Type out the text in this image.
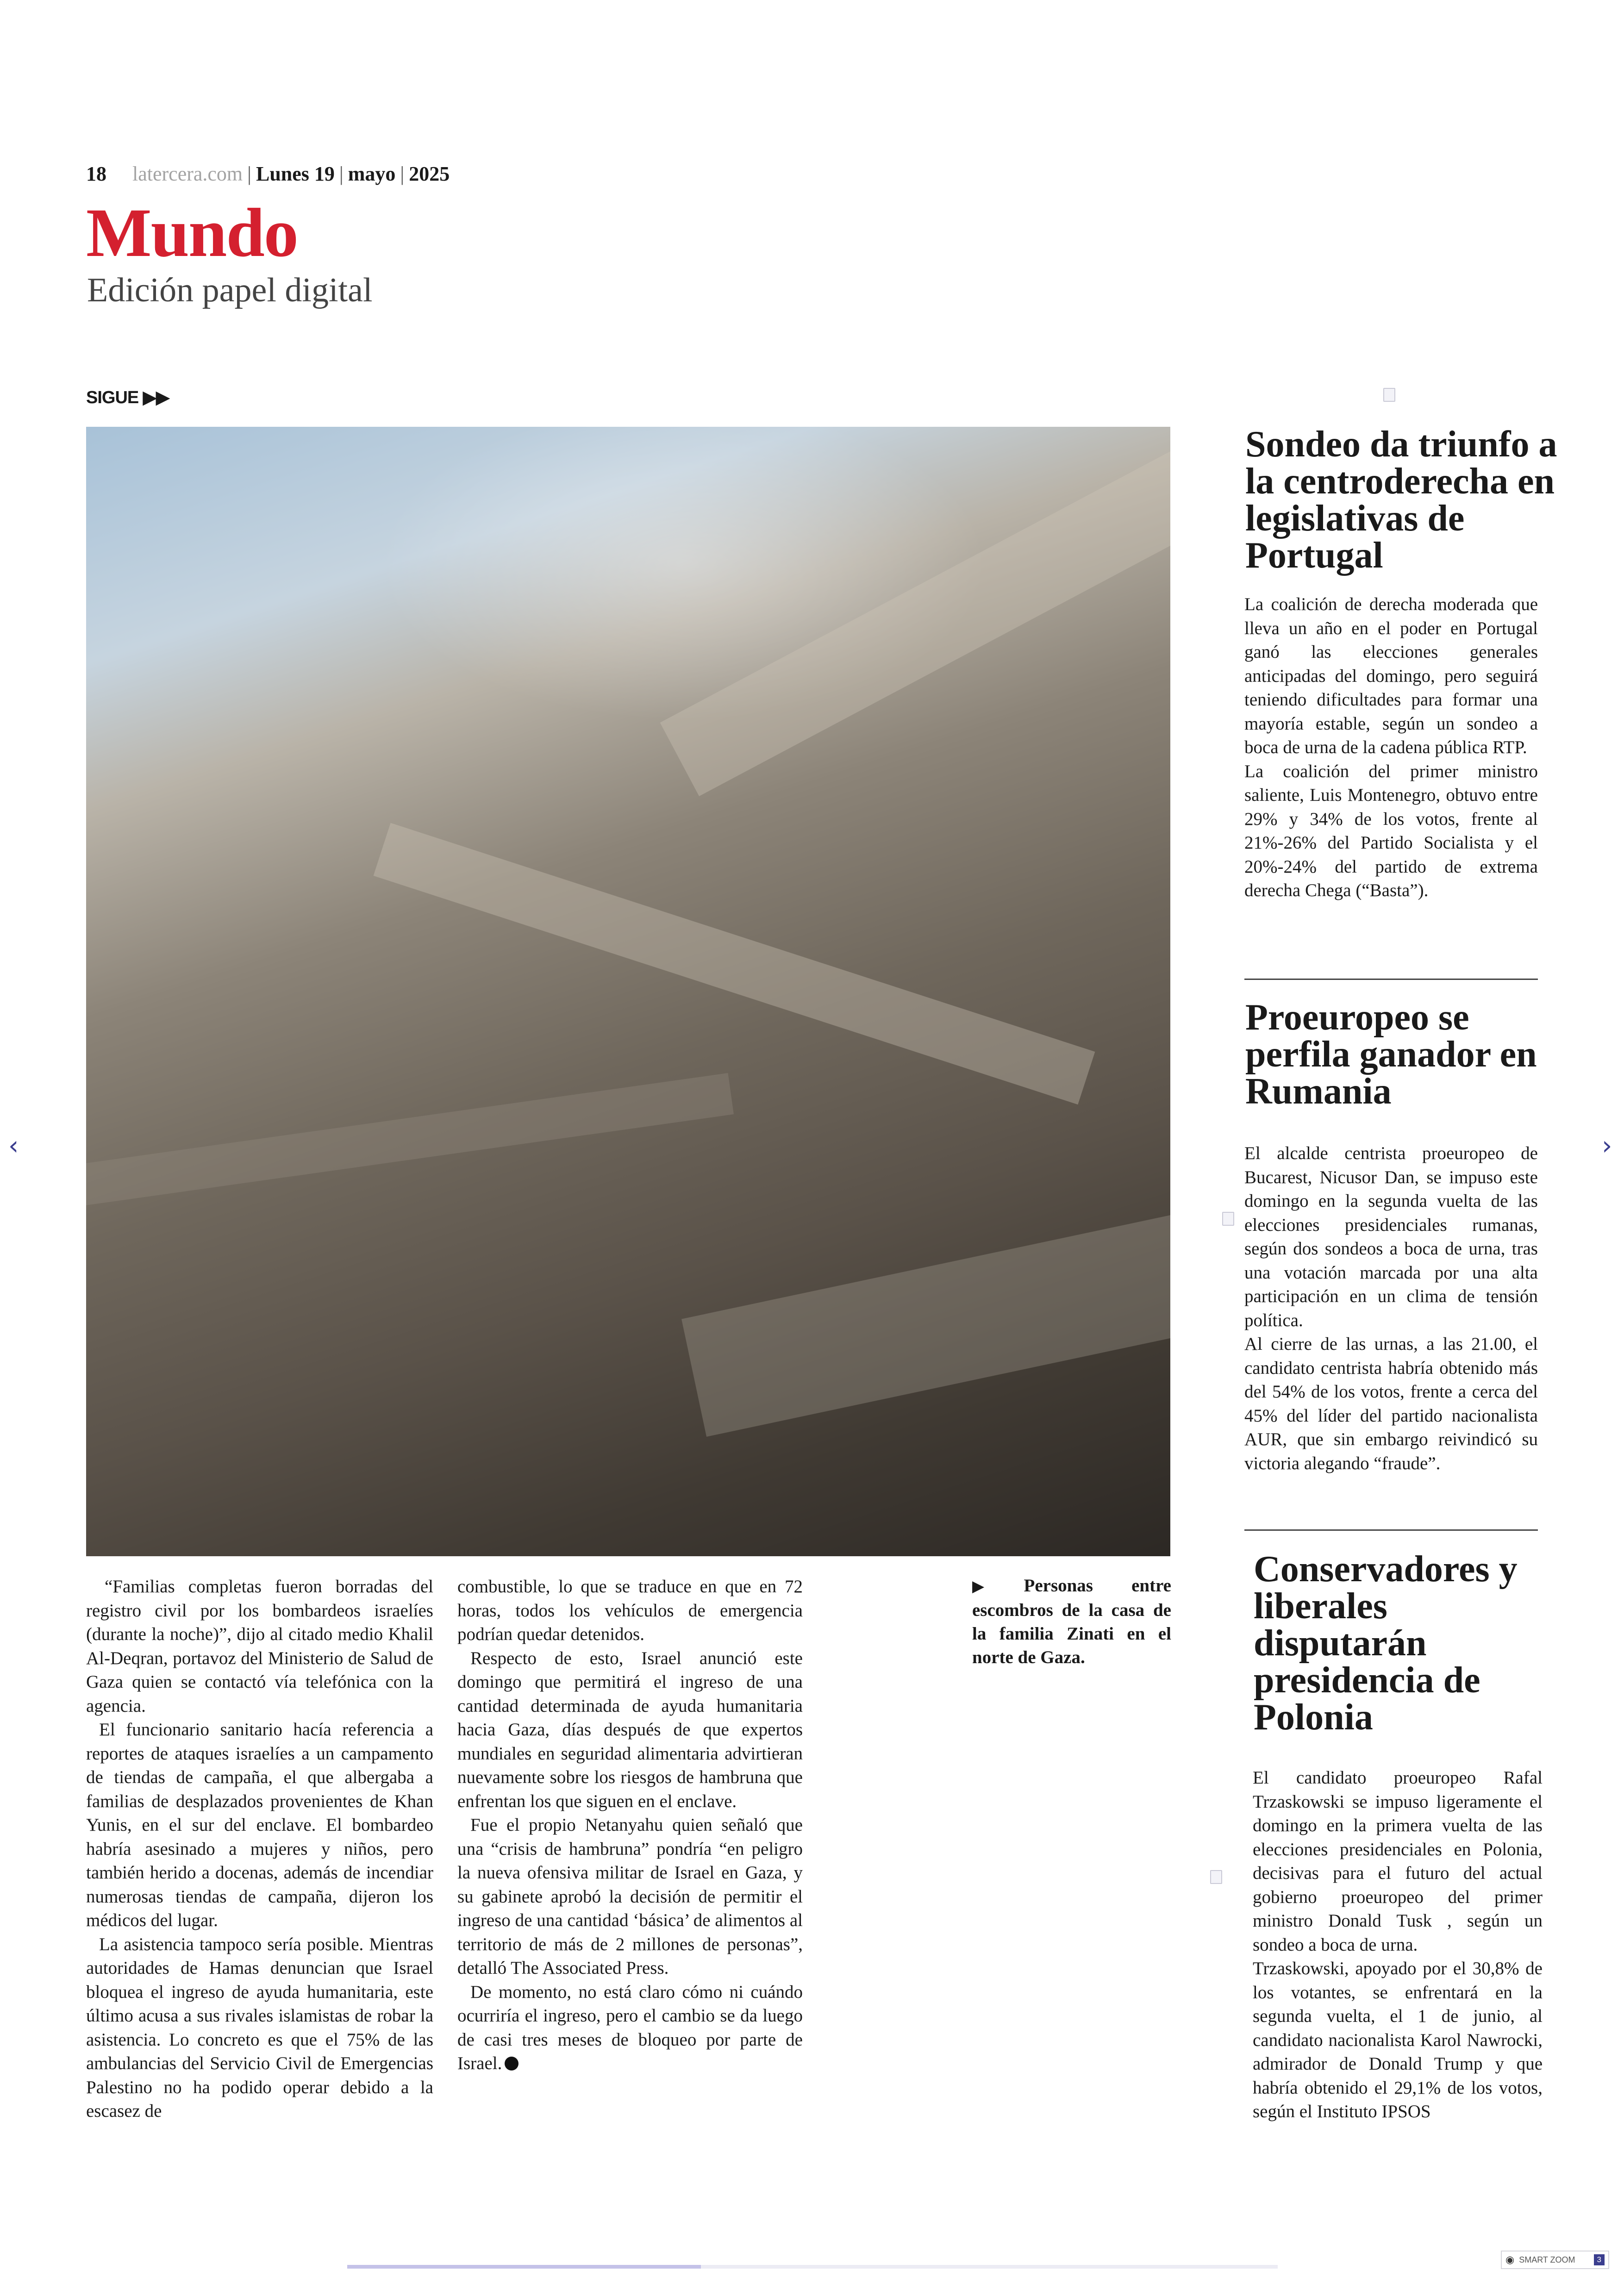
18 latercera.com | Lunes 19 | mayo | 2025
Mundo
Edición papel digital
SIGUE ▶▶

“Familias completas fueron borradas del registro civil por los bombardeos israelíes (durante la noche)”, dijo al citado medio Khalil Al-Deqran, portavoz del Ministerio de Salud de Gaza quien se contactó vía telefónica con la agencia.

El funcionario sanitario hacía referencia a reportes de ataques israelíes a un campamento de tiendas de campaña, el que albergaba a familias de desplazados provenientes de Khan Yunis, en el sur del enclave. El bombardeo habría asesinado a mujeres y niños, pero también herido a docenas, además de incendiar numerosas tiendas de campaña, dijeron los médicos del lugar.

La asistencia tampoco sería posible. Mientras autoridades de Hamas denuncian que Israel bloquea el ingreso de ayuda humanitaria, este último acusa a sus rivales islamistas de robar la asistencia. Lo concreto es que el 75% de las ambulancias del Servicio Civil de Emergencias Palestino no ha podido operar debido a la escasez de

combustible, lo que se traduce en que en 72 horas, todos los vehículos de emergencia podrían quedar detenidos.

Respecto de esto, Israel anunció este domingo que permitirá el ingreso de una cantidad determinada de ayuda humanitaria hacia Gaza, días después de que expertos mundiales en seguridad alimentaria advirtieran nuevamente sobre los riesgos de hambruna que enfrentan los que siguen en el enclave.

Fue el propio Netanyahu quien señaló que una “crisis de hambruna” pondría “en peligro la nueva ofensiva militar de Israel en Gaza, y su gabinete aprobó la decisión de permitir el ingreso de una cantidad ‘básica’ de alimentos al territorio de más de 2 millones de personas”, detalló The Associated Press.

De momento, no está claro cómo ni cuándo ocurriría el ingreso, pero el cambio se da luego de casi tres meses de bloqueo por parte de Israel.

▶ Personas entre escombros de la casa de la familia Zinati en el norte de Gaza.
Sondeo da triunfo a la centroderecha en legislativas de Portugal

La coalición de derecha moderada que lleva un año en el poder en Portugal ganó las elecciones generales anticipadas del domingo, pero seguirá teniendo dificultades para formar una mayoría estable, según un sondeo a boca de urna de la cadena pública RTP.

La coalición del primer ministro saliente, Luis Montenegro, obtuvo entre 29% y 34% de los votos, frente al 21%-26% del Partido Socialista y el 20%-24% del partido de extrema derecha Chega (“Basta”).

Proeuropeo se perfila ganador en Rumania

El alcalde centrista proeuropeo de Bucarest, Nicusor Dan, se impuso este domingo en la segunda vuelta de las elecciones presidenciales rumanas, según dos sondeos a boca de urna, tras una votación marcada por una alta participación en un clima de tensión política.

Al cierre de las urnas, a las 21.00, el candidato centrista habría obtenido más del 54% de los votos, frente a cerca del 45% del líder del partido nacionalista AUR, que sin embargo reivindicó su victoria alegando “fraude”.

Conservadores y liberales disputarán presidencia de Polonia

El candidato proeuropeo Rafal Trzaskowski se impuso ligeramente el domingo en la primera vuelta de las elecciones presidenciales en Polonia, decisivas para el futuro del actual gobierno proeuropeo del primer ministro Donald Tusk , según un sondeo a boca de urna.

Trzaskowski, apoyado por el 30,8% de los votantes, se enfrentará en la segunda vuelta, el 1 de junio, al candidato nacionalista Karol Nawrocki, admirador de Donald Trump y que habría obtenido el 29,1% de los votos, según el Instituto IPSOS

‹	›
◉ SMART ZOOM	3
